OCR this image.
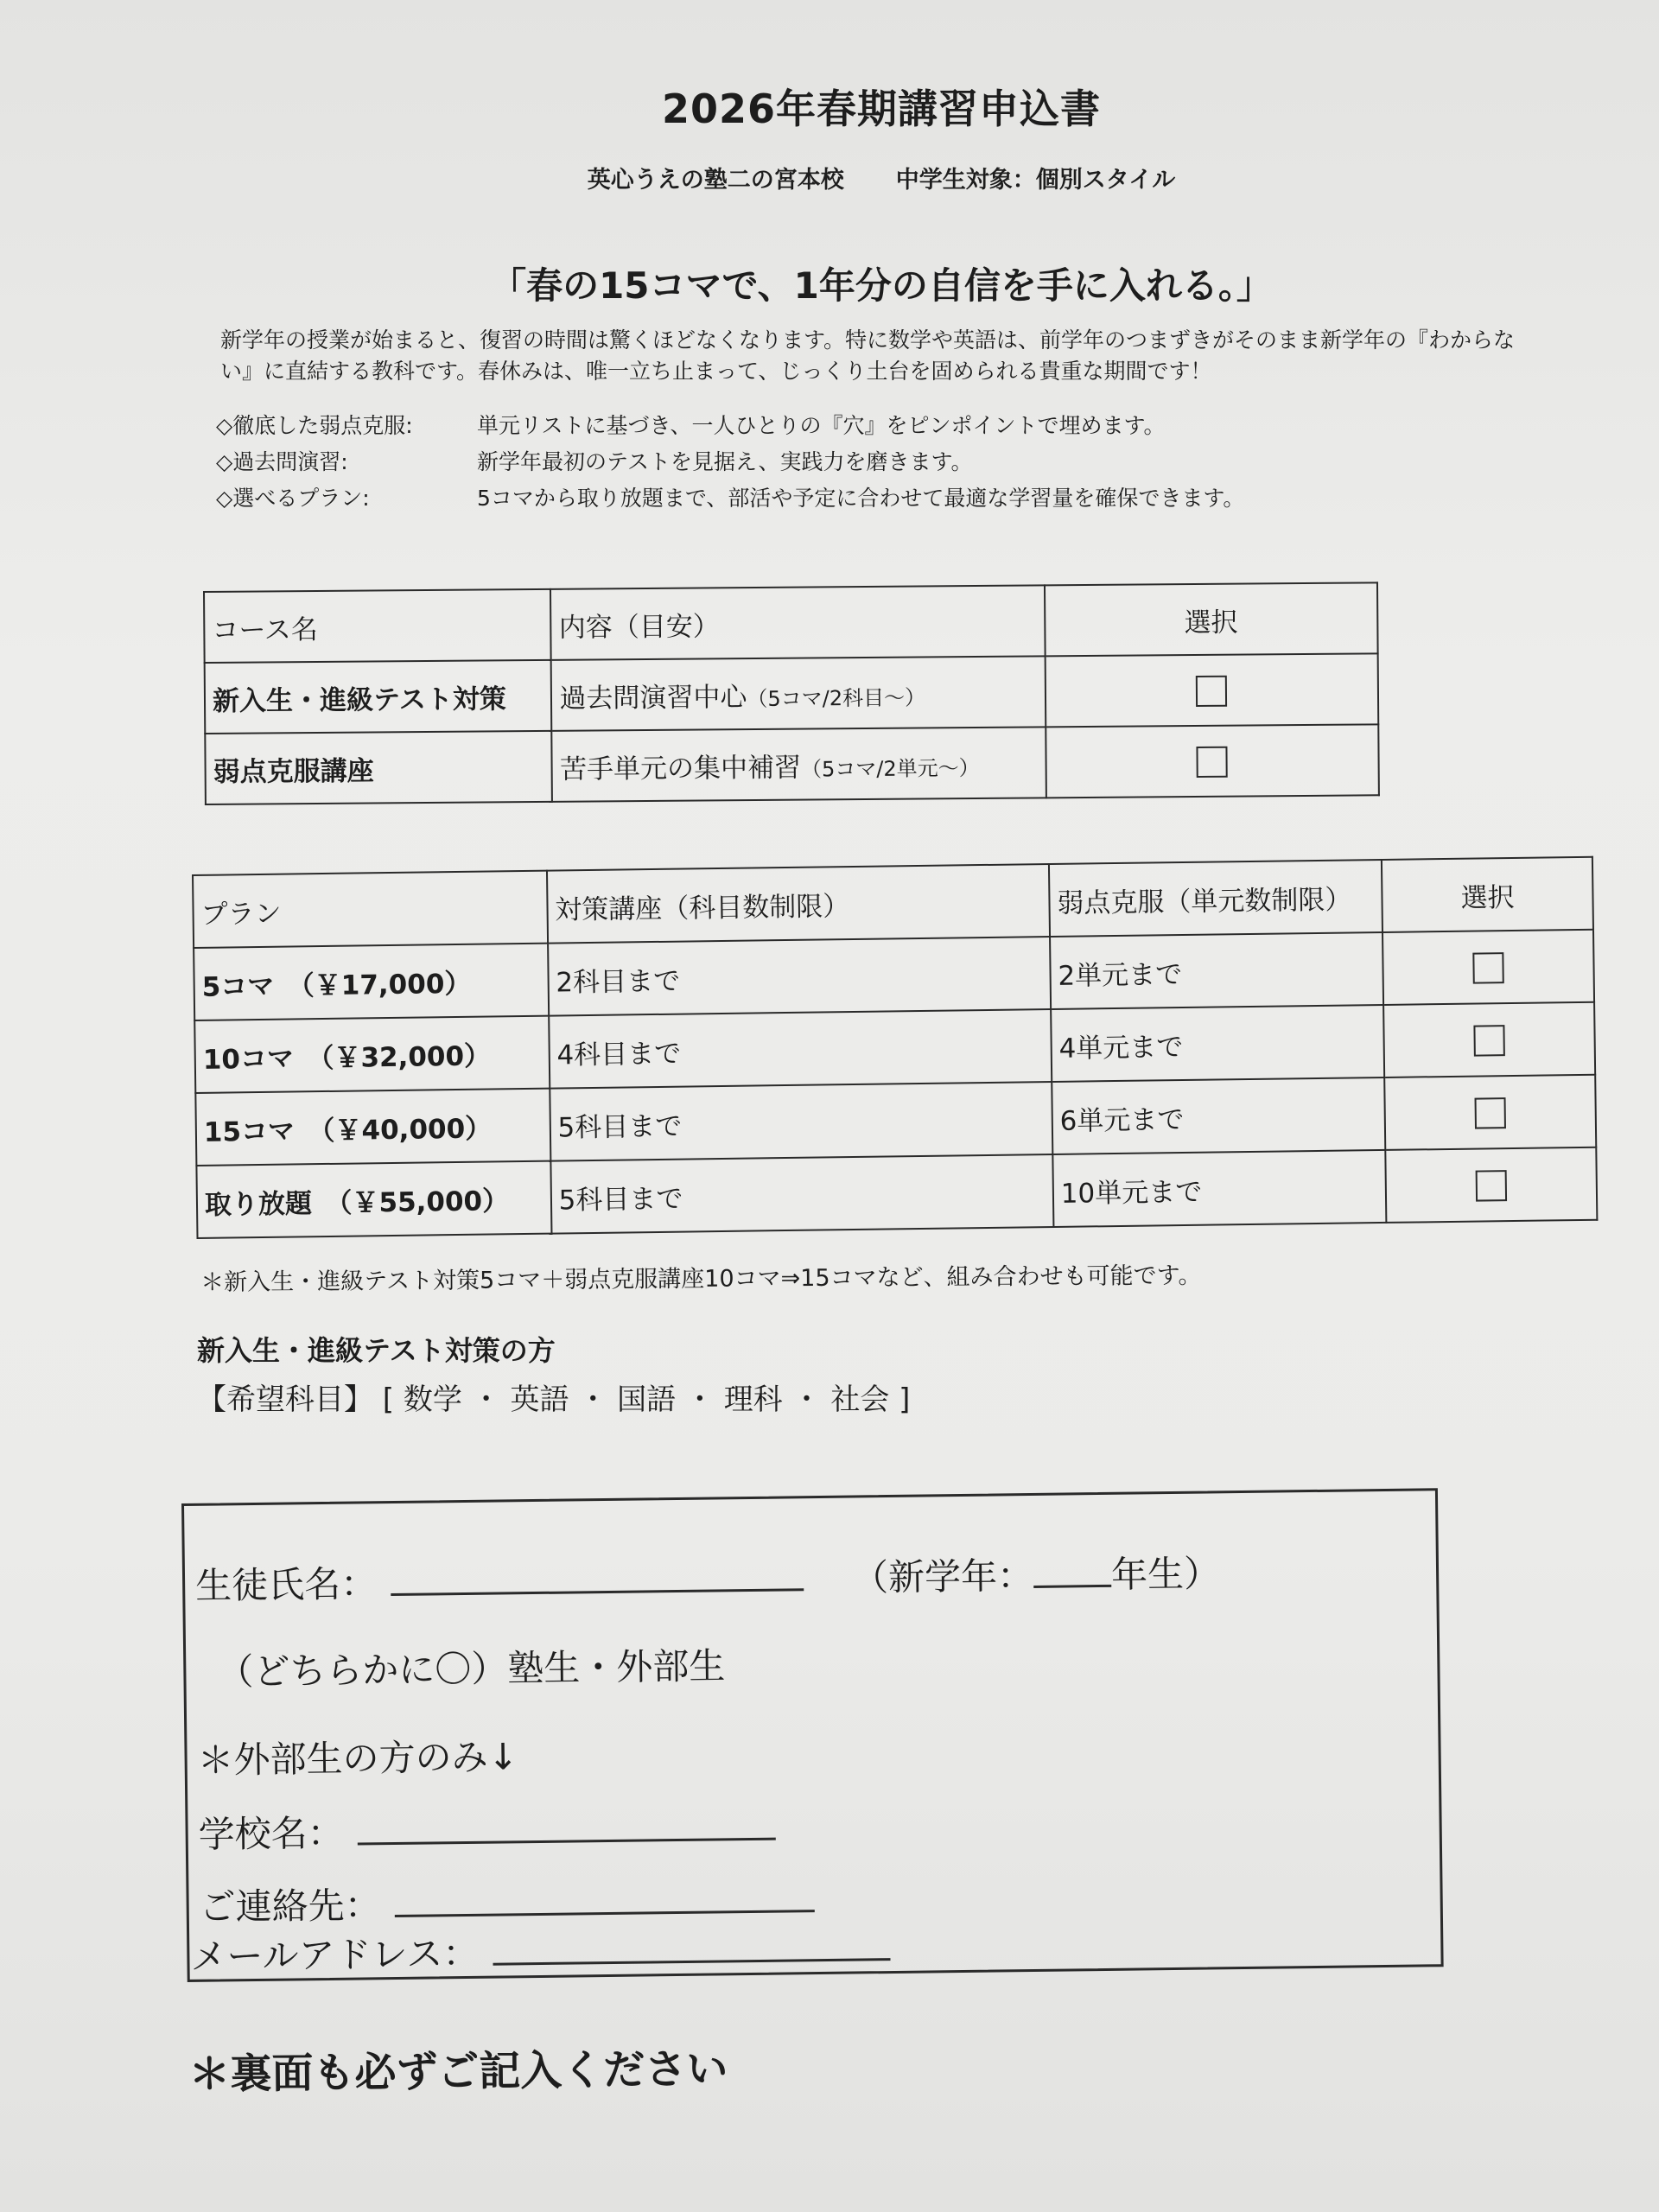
2026年春期講習申込書
英心うえの塾二の宮本校 中学生対象：個別スタイル
「春の15コマで、1年分の自信を手に入れる。」
新学年の授業が始まると、復習の時間は驚くほどなくなります。特に数学や英語は、前学年のつまずきがそのまま新学年の『わからない』に直結する教科です。春休みは、唯一立ち止まって、じっくり土台を固められる貴重な期間です！
◇徹底した弱点克服:	単元リストに基づき、一人ひとりの『穴』をピンポイントで埋めます。
◇過去問演習:	新学年最初のテストを見据え、実践力を磨きます。
◇選べるプラン:	5コマから取り放題まで、部活や予定に合わせて最適な学習量を確保できます。
コース名	内容（目安）	選択
新入生・進級テスト対策	過去問演習中心（5コマ/2科目～）	
弱点克服講座	苦手単元の集中補習（5コマ/2単元～）	
プラン	対策講座（科目数制限）	弱点克服（単元数制限）	選択
5コマ　（￥17,000）	2科目まで	2単元まで	
10コマ　（￥32,000）	4科目まで	4単元まで	
15コマ　（￥40,000）	5科目まで	6単元まで	
取り放題　（￥55,000）	5科目まで	10単元まで	
＊新入生・進級テスト対策5コマ＋弱点克服講座10コマ⇒15コマなど、組み合わせも可能です。
新入生・進級テスト対策の方
【希望科目】 [ 数学 ・ 英語 ・ 国語 ・ 理科 ・ 社会 ]
生徒氏名：	（新学年： 年生）
（どちらかに〇）塾生・外部生
＊外部生の方のみ↓
学校名：
ご連絡先：
メールアドレス：
＊裏面も必ずご記入ください
